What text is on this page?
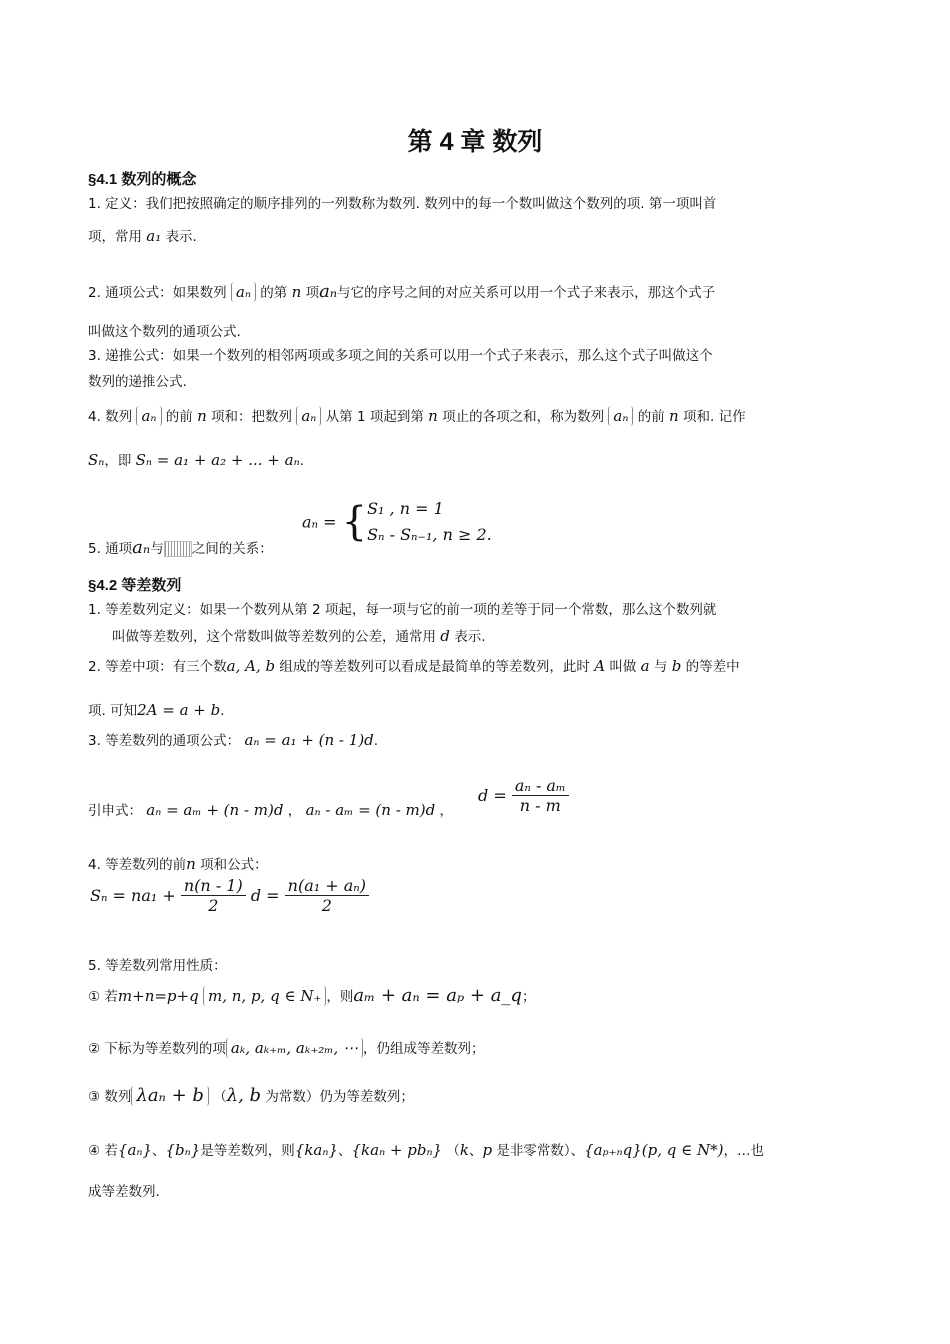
第 4 章 数列
§4.1 数列的概念
1. 定义：我们把按照确定的顺序排列的一列数称为数列. 数列中的每一个数叫做这个数列的项. 第一项叫首
项，常用 a₁ 表示.
2. 通项公式：如果数列 aₙ 的第 n 项aₙ与它的序号之间的对应关系可以用一个式子来表示，那这个式子
叫做这个数列的通项公式.
3. 递推公式：如果一个数列的相邻两项或多项之间的关系可以用一个式子来表示，那么这个式子叫做这个
数列的递推公式.
4. 数列 aₙ 的前 n 项和：把数列 aₙ 从第 1 项起到第 n 项止的各项之和，称为数列 aₙ 的前 n 项和. 记作
Sₙ，即 Sₙ = a₁ + a₂ + ... + aₙ.
5. 通项aₙ与 之间的关系：
aₙ = { S₁ , n = 1
Sₙ - Sₙ₋₁, n ≥ 2.
§4.2 等差数列
1. 等差数列定义：如果一个数列从第 2 项起，每一项与它的前一项的差等于同一个常数，那么这个数列就
叫做等差数列，这个常数叫做等差数列的公差，通常用 d 表示.
2. 等差中项：有三个数a, A, b 组成的等差数列可以看成是最简单的等差数列，此时 A 叫做 a 与 b 的等差中
项. 可知2A = a + b.
3. 等差数列的通项公式： aₙ = a₁ + (n - 1)d.
引申式： aₙ = aₘ + (n - m)d ， aₙ - aₘ = (n - m)d ，
$d = \frac{\text{aₙ - aₘ}}{n - m}$
4. 等差数列的前n 项和公式：
$S_n = na_1 + \frac{n(n - 1)}{2}$ $d = \frac{\text{n(a₁ + aₙ)}}{2}$
5. 等差数列常用性质：
① 若m+n=p+q m, n, p, q ∈ N₊ ，则aₘ + aₙ = aₚ + a_q；
② 下标为等差数列的项 aₖ, aₖ₊ₘ, aₖ₊₂ₘ, ⋯ ，仍组成等差数列；
③ 数列 λaₙ + b （λ, b 为常数）仍为等差数列；
④ 若{aₙ}、{bₙ}是等差数列，则{kaₙ}、{kaₙ + pbₙ} （k、p 是非零常数）、{aₚ₊ₙq}(p, q ∈ N*)，…也
成等差数列.
